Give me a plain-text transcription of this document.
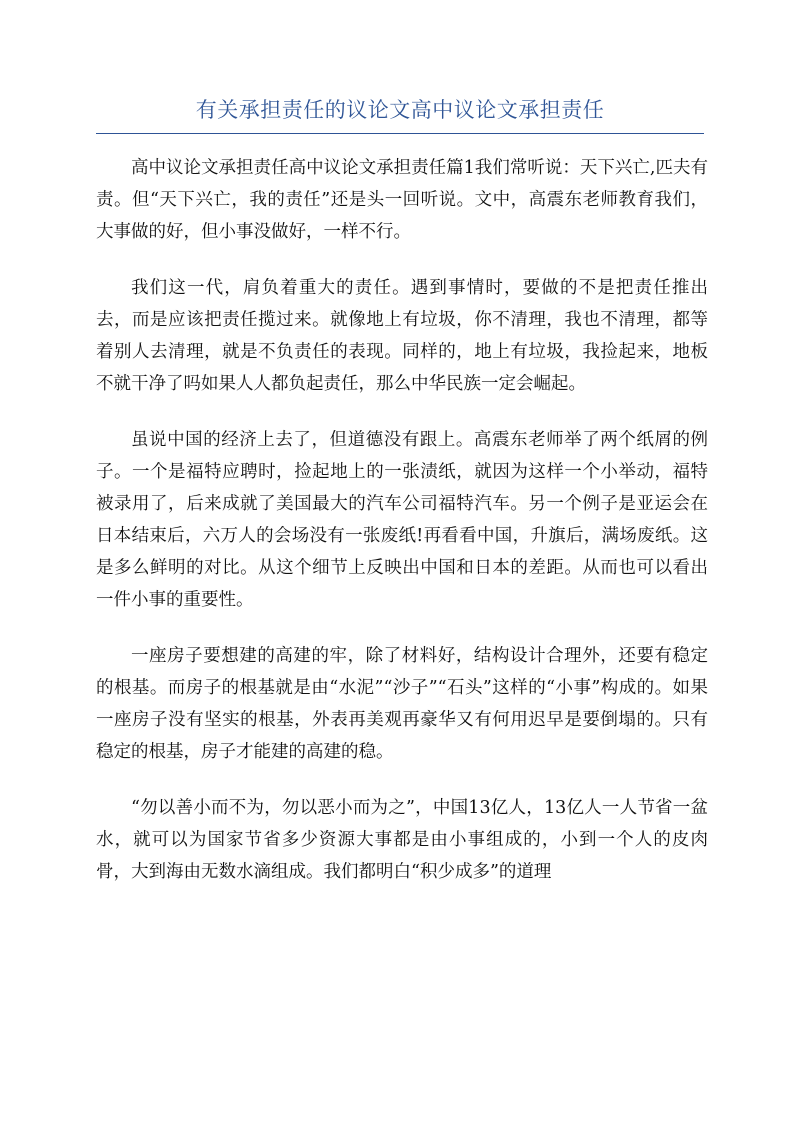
有关承担责任的议论文高中议论文承担责任

高中议论文承担责任高中议论文承担责任篇1我们常听说：天下兴亡,匹夫有责。但“天下兴亡，我的责任”还是头一回听说。文中，高震东老师教育我们，大事做的好，但小事没做好，一样不行。

我们这一代，肩负着重大的责任。遇到事情时，要做的不是把责任推出去，而是应该把责任揽过来。就像地上有垃圾，你不清理，我也不清理，都等着别人去清理，就是不负责任的表现。同样的，地上有垃圾，我捡起来，地板不就干净了吗如果人人都负起责任，那么中华民族一定会崛起。

虽说中国的经济上去了，但道德没有跟上。高震东老师举了两个纸屑的例子。一个是福特应聘时，捡起地上的一张渍纸，就因为这样一个小举动，福特被录用了，后来成就了美国最大的汽车公司福特汽车。另一个例子是亚运会在日本结束后，六万人的会场没有一张废纸!再看看中国，升旗后，满场废纸。这是多么鲜明的对比。从这个细节上反映出中国和日本的差距。从而也可以看出一件小事的重要性。

一座房子要想建的高建的牢，除了材料好，结构设计合理外，还要有稳定的根基。而房子的根基就是由“水泥”“沙子”“石头”这样的“小事”构成的。如果一座房子没有坚实的根基，外表再美观再豪华又有何用迟早是要倒塌的。只有稳定的根基，房子才能建的高建的稳。

“勿以善小而不为，勿以恶小而为之”，中国13亿人，13亿人一人节省一盆水，就可以为国家节省多少资源大事都是由小事组成的，小到一个人的皮肉骨，大到海由无数水滴组成。我们都明白“积少成多”的道理
